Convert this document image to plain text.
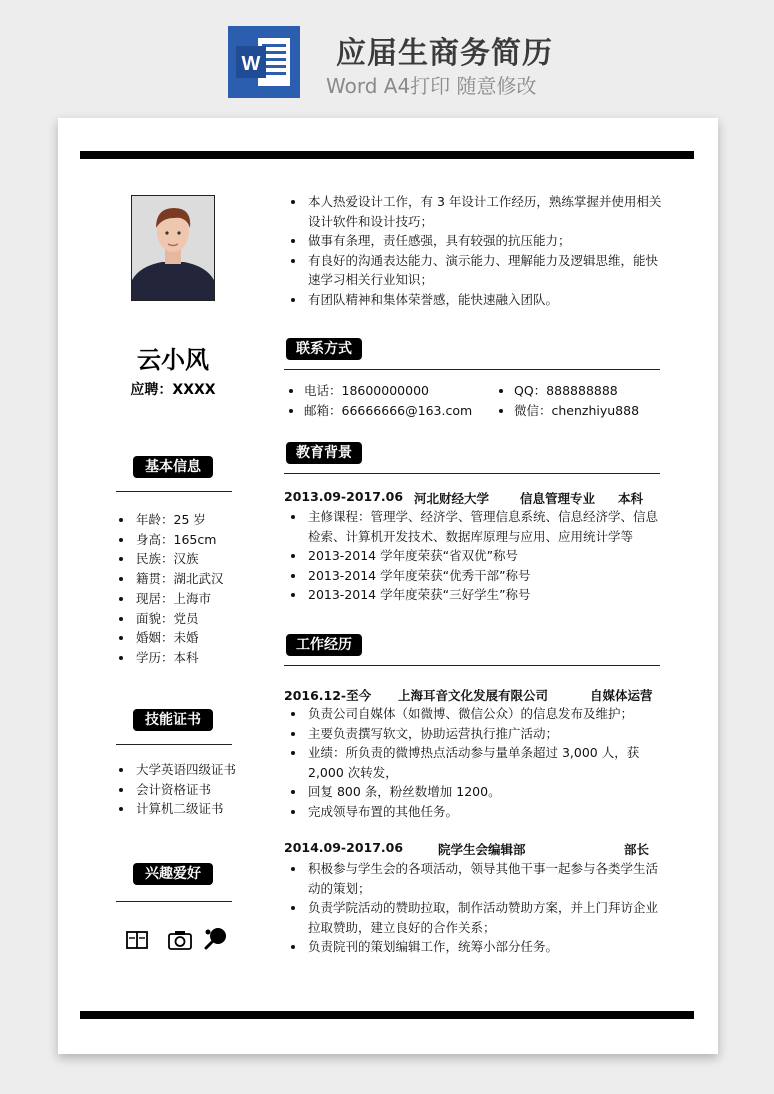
W	应届生商务简历
Word A4打印 随意修改
云小风
应聘：XXXX
基本信息
• 年龄：25 岁
• 身高：165cm
• 民族：汉族
• 籍贯：湖北武汉
• 现居：上海市
• 面貌：党员
• 婚姻：未婚
• 学历：本科
技能证书
• 大学英语四级证书
• 会计资格证书
• 计算机二级证书
兴趣爱好
• 本人热爱设计工作，有 3 年设计工作经历，熟练掌握并使用相关设计软件和设计技巧；
• 做事有条理，责任感强，具有较强的抗压能力；
• 有良好的沟通表达能力、演示能力、理解能力及逻辑思维，能快速学习相关行业知识；
• 有团队精神和集体荣誉感，能快速融入团队。
联系方式
• 电话：18600000000
• 邮箱：66666666@163.com
• QQ：888888888
• 微信：chenzhiyu888
教育背景
2013.09-2017.06 河北财经大学 信息管理专业 本科
• 主修课程：管理学、经济学、管理信息系统、信息经济学、信息检索、计算机开发技术、数据库原理与应用、应用统计学等
• 2013-2014 学年度荣获“省双优”称号
• 2013-2014 学年度荣获“优秀干部”称号
• 2013-2014 学年度荣获“三好学生”称号
工作经历
2016.12-至今 上海耳音文化发展有限公司	自媒体运营
• 负责公司自媒体（如微博、微信公众）的信息发布及维护；
• 主要负责撰写软文，协助运营执行推广活动；
• 业绩：所负责的微博热点活动参与量单条超过 3,000 人，获 2,000 次转发，
• 回复 800 条，粉丝数增加 1200。
• 完成领导布置的其他任务。
2014.09-2017.06	院学生会编辑部	部长
• 积极参与学生会的各项活动，领导其他干事一起参与各类学生活动的策划；
• 负责学院活动的赞助拉取，制作活动赞助方案，并上门拜访企业拉取赞助，建立良好的合作关系；
• 负责院刊的策划编辑工作，统筹小部分任务。
